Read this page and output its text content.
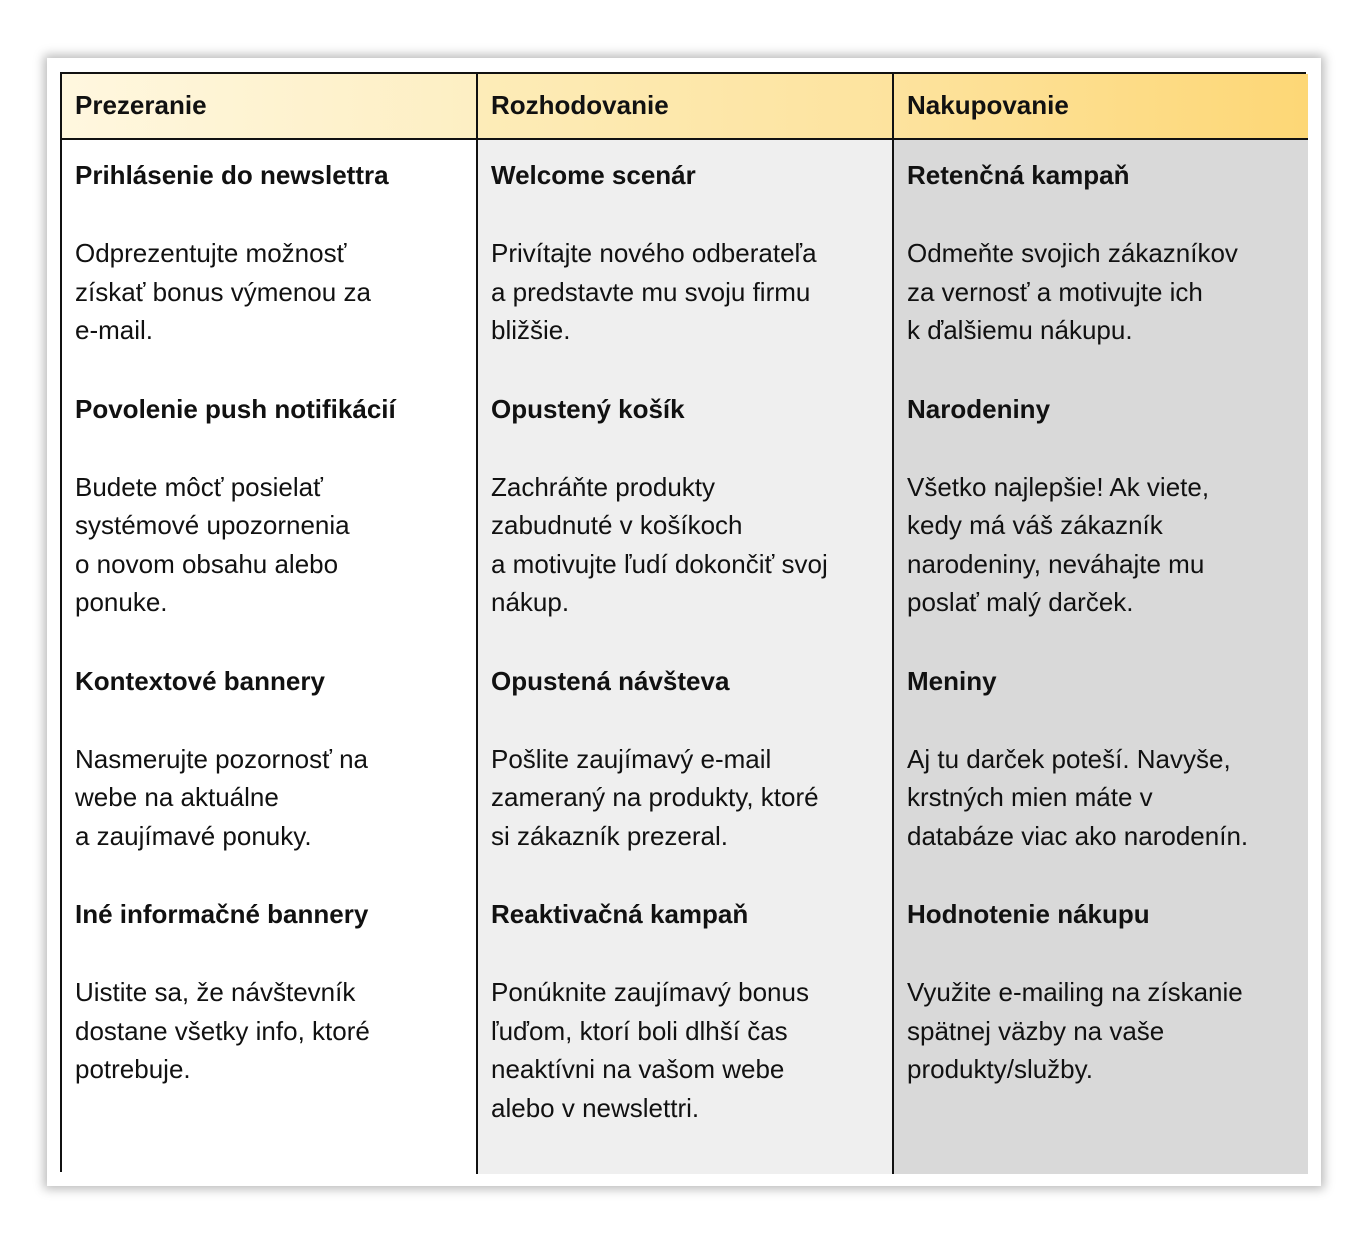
Prezeranie	Rozhodovanie	Nakupovanie
Prihlásenie do newslettra
Odprezentujte možnosť
získať bonus výmenou za
e-mail.
Povolenie push notifikácií
Budete môcť posielať
systémové upozornenia
o novom obsahu alebo
ponuke.
Kontextové bannery
Nasmerujte pozornosť na
webe na aktuálne
a zaujímavé ponuky.
Iné informačné bannery
Uistite sa, že návštevník
dostane všetky info, ktoré
potrebuje.
Welcome scenár
Privítajte nového odberateľa
a predstavte mu svoju firmu
bližšie.
Opustený košík
Zachráňte produkty
zabudnuté v košíkoch
a motivujte ľudí dokončiť svoj
nákup.
Opustená návšteva
Pošlite zaujímavý e-mail
zameraný na produkty, ktoré
si zákazník prezeral.
Reaktivačná kampaň
Ponúknite zaujímavý bonus
ľuďom, ktorí boli dlhší čas
neaktívni na vašom webe
alebo v newslettri.
Retenčná kampaň
Odmeňte svojich zákazníkov
za vernosť a motivujte ich
k ďalšiemu nákupu.
Narodeniny
Všetko najlepšie! Ak viete,
kedy má váš zákazník
narodeniny, neváhajte mu
poslať malý darček.
Meniny
Aj tu darček poteší. Navyše,
krstných mien máte v
databáze viac ako narodenín.
Hodnotenie nákupu
Využite e-mailing na získanie
spätnej väzby na vaše
produkty/služby.
